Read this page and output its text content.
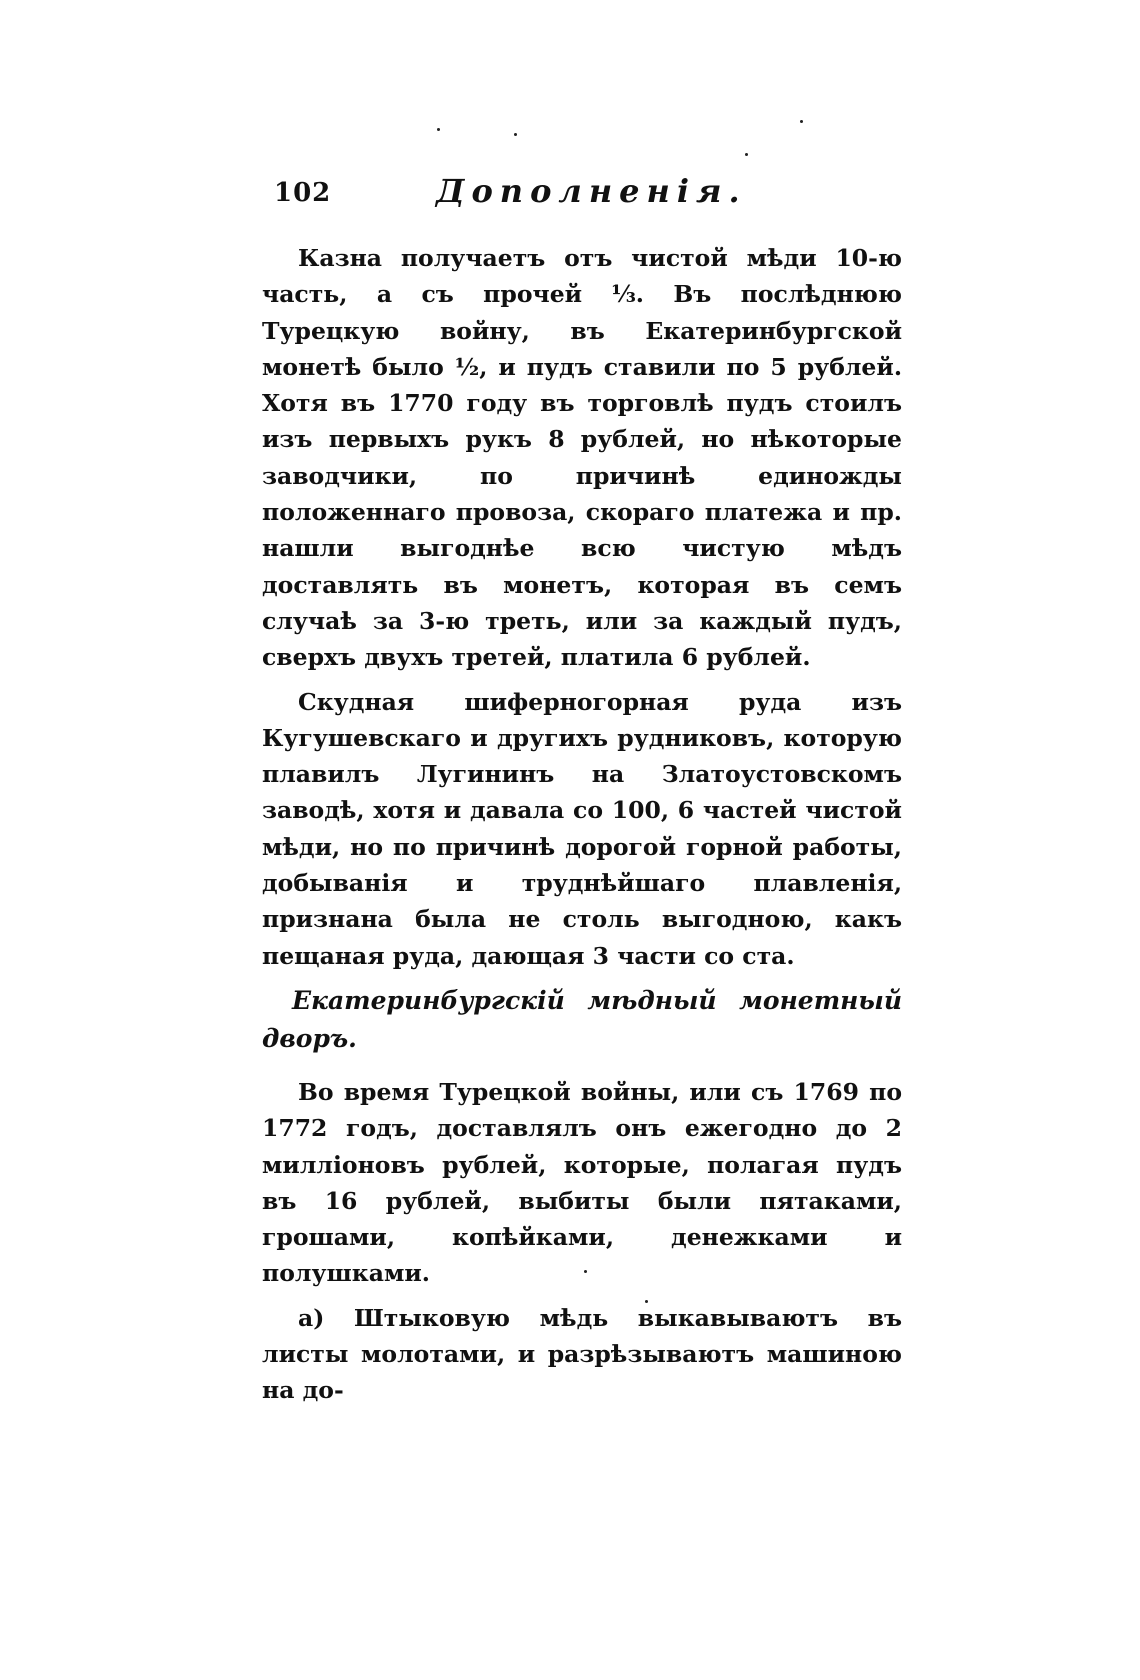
102	Дополненія.

Казна получаетъ отъ чистой мѣди 10-ю часть, а съ прочей ⅓. Въ послѣднюю Турецкую войну, въ Екатеринбургской монетѣ было ½, и пудъ ставили по 5 рублей. Хотя въ 1770 году въ торговлѣ пудъ стоилъ изъ первыхъ рукъ 8 рублей, но нѣкоторые заводчики, по причинѣ единожды положеннаго провоза, скораго платежа и пр. нашли выгоднѣе всю чистую мѣдъ доставлять въ монетъ, которая въ семъ случаѣ за 3-ю треть, или за каждый пудъ, сверхъ двухъ третей, платила 6 рублей.

Скудная шиферногорная руда изъ Кугушевскаго и другихъ рудниковъ, которую плавилъ Лугининъ на Златоустовскомъ заводѣ, хотя и давала со 100, 6 частей чистой мѣди, но по причинѣ дорогой горной работы, добыванія и труднѣйшаго плавленія, признана была не столь выгодною, какъ пещаная руда, дающая 3 части со ста.

Екатеринбургскій мѣдный монетный дворъ.

Во время Турецкой войны, или съ 1769 по 1772 годъ, доставлялъ онъ ежегодно до 2 милліоновъ рублей, которые, полагая пудъ въ 16 рублей, выбиты были пятаками, грошами, копѣйками, денежками и полушками.

а) Штыковую мѣдь выкавываютъ въ листы молотами, и разрѣзываютъ машиною на до-
